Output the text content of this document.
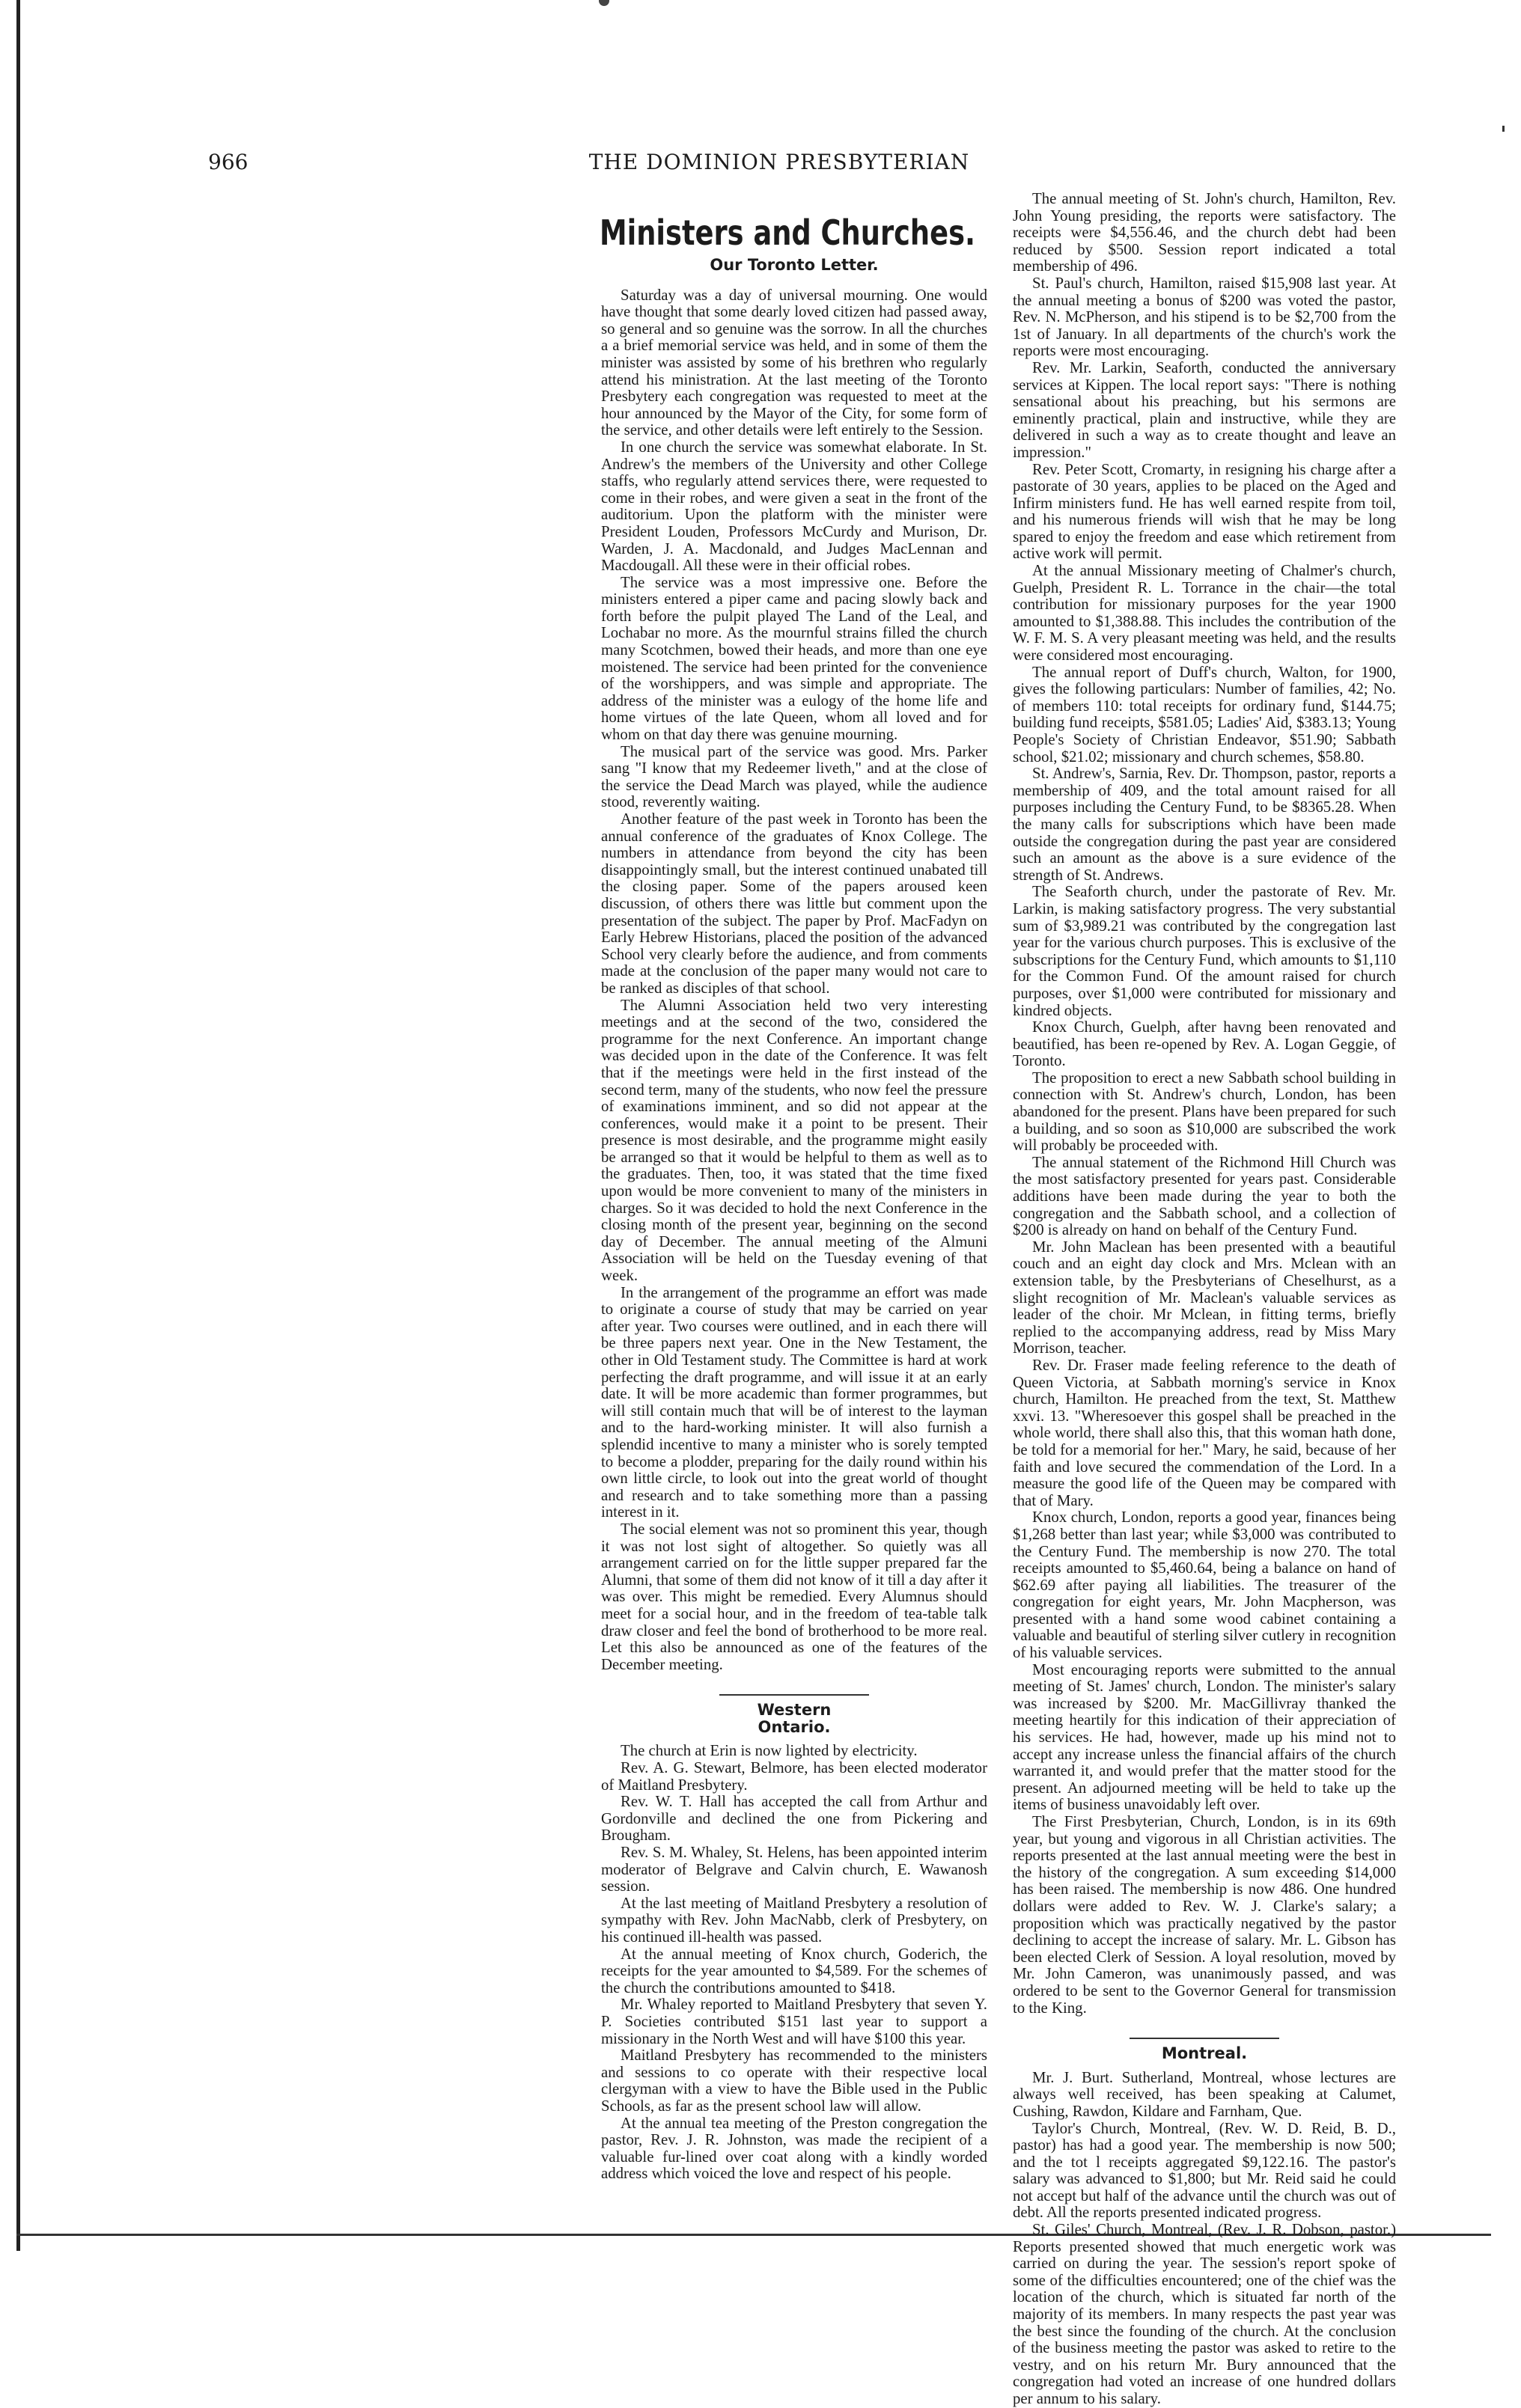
966	THE DOMINION PRESBYTERIAN
Ministers and Churches.
Our Toronto Letter.

Saturday was a day of universal mourning. One would have thought that some dearly loved citizen had passed away, so general and so genuine was the sorrow. In all the churches a a brief memorial service was held, and in some of them the minister was assisted by some of his brethren who regularly attend his ministration. At the last meeting of the Toronto Presbytery each congregation was requested to meet at the hour announced by the Mayor of the City, for some form of the service, and other details were left entirely to the Session.

In one church the service was somewhat elaborate. In St. Andrew's the members of the University and other College staffs, who regularly attend services there, were requested to come in their robes, and were given a seat in the front of the auditorium. Upon the platform with the minister were President Louden, Professors McCurdy and Murison, Dr. Warden, J. A. Macdonald, and Judges MacLennan and Macdougall. All these were in their official robes.

The service was a most impressive one. Before the ministers entered a piper came and pacing slowly back and forth before the pulpit played The Land of the Leal, and Lochabar no more. As the mournful strains filled the church many Scotchmen, bowed their heads, and more than one eye moistened. The service had been printed for the convenience of the worshippers, and was simple and appropriate. The address of the minister was a eulogy of the home life and home virtues of the late Queen, whom all loved and for whom on that day there was genuine mourning.

The musical part of the service was good. Mrs. Parker sang "I know that my Redeemer liveth," and at the close of the service the Dead March was played, while the audience stood, reverently waiting.

Another feature of the past week in Toronto has been the annual conference of the graduates of Knox College. The numbers in attendance from beyond the city has been disappointingly small, but the interest continued unabated till the closing paper. Some of the papers aroused keen discussion, of others there was little but comment upon the presentation of the subject. The paper by Prof. MacFadyn on Early Hebrew Historians, placed the position of the advanced School very clearly before the audience, and from comments made at the conclusion of the paper many would not care to be ranked as disciples of that school.

The Alumni Association held two very interesting meetings and at the second of the two, considered the programme for the next Conference. An important change was decided upon in the date of the Conference. It was felt that if the meetings were held in the first instead of the second term, many of the students, who now feel the pressure of examinations imminent, and so did not appear at the conferences, would make it a point to be present. Their presence is most desirable, and the programme might easily be arranged so that it would be helpful to them as well as to the graduates. Then, too, it was stated that the time fixed upon would be more convenient to many of the ministers in charges. So it was decided to hold the next Conference in the closing month of the present year, beginning on the second day of December. The annual meeting of the Almuni Association will be held on the Tuesday evening of that week.

In the arrangement of the programme an effort was made to originate a course of study that may be carried on year after year. Two courses were outlined, and in each there will be three papers next year. One in the New Testament, the other in Old Testament study. The Committee is hard at work perfecting the draft programme, and will issue it at an early date. It will be more academic than former programmes, but will still contain much that will be of interest to the layman and to the hard-working minister. It will also furnish a splendid incentive to many a minister who is sorely tempted to become a plodder, preparing for the daily round within his own little circle, to look out into the great world of thought and research and to take something more than a passing interest in it.

The social element was not so prominent this year, though it was not lost sight of altogether. So quietly was all arrangement carried on for the little supper prepared far the Alumni, that some of them did not know of it till a day after it was over. This might be remedied. Every Alumnus should meet for a social hour, and in the freedom of tea-table talk draw closer and feel the bond of brotherhood to be more real. Let this also be announced as one of the features of the December meeting.

Western Ontario.

The church at Erin is now lighted by electricity.

Rev. A. G. Stewart, Belmore, has been elected moderator of Maitland Presbytery.

Rev. W. T. Hall has accepted the call from Arthur and Gordonville and declined the one from Pickering and Brougham.

Rev. S. M. Whaley, St. Helens, has been appointed interim moderator of Belgrave and Calvin church, E. Wawanosh session.

At the last meeting of Maitland Presbytery a resolution of sympathy with Rev. John MacNabb, clerk of Presbytery, on his continued ill-health was passed.

At the annual meeting of Knox church, Goderich, the receipts for the year amounted to $4,589. For the schemes of the church the contributions amounted to $418.

Mr. Whaley reported to Maitland Presbytery that seven Y. P. Societies contributed $151 last year to support a missionary in the North West and will have $100 this year.

Maitland Presbytery has recommended to the ministers and sessions to co operate with their respective local clergyman with a view to have the Bible used in the Public Schools, as far as the present school law will allow.

At the annual tea meeting of the Preston congregation the pastor, Rev. J. R. Johnston, was made the recipient of a valuable fur-lined over coat along with a kindly worded address which voiced the love and respect of his people.

The annual meeting of St. John's church, Hamilton, Rev. John Young presiding, the reports were satisfactory. The receipts were $4,556.46, and the church debt had been reduced by $500. Session report indicated a total membership of 496.

St. Paul's church, Hamilton, raised $15,908 last year. At the annual meeting a bonus of $200 was voted the pastor, Rev. N. McPherson, and his stipend is to be $2,700 from the 1st of January. In all departments of the church's work the reports were most encouraging.

Rev. Mr. Larkin, Seaforth, conducted the anniversary services at Kippen. The local report says: "There is nothing sensational about his preaching, but his sermons are eminently practical, plain and instructive, while they are delivered in such a way as to create thought and leave an impression."

Rev. Peter Scott, Cromarty, in resigning his charge after a pastorate of 30 years, applies to be placed on the Aged and Infirm ministers fund. He has well earned respite from toil, and his numerous friends will wish that he may be long spared to enjoy the freedom and ease which retirement from active work will permit.

At the annual Missionary meeting of Chalmer's church, Guelph, President R. L. Torrance in the chair—the total contribution for missionary purposes for the year 1900 amounted to $1,388.88. This includes the contribution of the W. F. M. S. A very pleasant meeting was held, and the results were considered most encouraging.

The annual report of Duff's church, Walton, for 1900, gives the following particulars: Number of families, 42; No. of members 110: total receipts for ordinary fund, $144.75; building fund receipts, $581.05; Ladies' Aid, $383.13; Young People's Society of Christian Endeavor, $51.90; Sabbath school, $21.02; missionary and church schemes, $58.80.

St. Andrew's, Sarnia, Rev. Dr. Thompson, pastor, reports a membership of 409, and the total amount raised for all purposes including the Century Fund, to be $8365.28. When the many calls for subscriptions which have been made outside the congregation during the past year are considered such an amount as the above is a sure evidence of the strength of St. Andrews.

The Seaforth church, under the pastorate of Rev. Mr. Larkin, is making satisfactory progress. The very substantial sum of $3,989.21 was contributed by the congregation last year for the various church purposes. This is exclusive of the subscriptions for the Century Fund, which amounts to $1,110 for the Common Fund. Of the amount raised for church purposes, over $1,000 were contributed for missionary and kindred objects.

Knox Church, Guelph, after havng been renovated and beautified, has been re-opened by Rev. A. Logan Geggie, of Toronto.

The proposition to erect a new Sabbath school building in connection with St. Andrew's church, London, has been abandoned for the present. Plans have been prepared for such a building, and so soon as $10,000 are subscribed the work will probably be proceeded with.

The annual statement of the Richmond Hill Church was the most satisfactory presented for years past. Considerable additions have been made during the year to both the congregation and the Sabbath school, and a collection of $200 is already on hand on behalf of the Century Fund.

Mr. John Maclean has been presented with a beautiful couch and an eight day clock and Mrs. Mclean with an extension table, by the Presbyterians of Cheselhurst, as a slight recognition of Mr. Maclean's valuable services as leader of the choir. Mr Mclean, in fitting terms, briefly replied to the accompanying address, read by Miss Mary Morrison, teacher.

Rev. Dr. Fraser made feeling reference to the death of Queen Victoria, at Sabbath morning's service in Knox church, Hamilton. He preached from the text, St. Matthew xxvi. 13. "Wheresoever this gospel shall be preached in the whole world, there shall also this, that this woman hath done, be told for a memorial for her." Mary, he said, because of her faith and love secured the commendation of the Lord. In a measure the good life of the Queen may be compared with that of Mary.

Knox church, London, reports a good year, finances being $1,268 better than last year; while $3,000 was contributed to the Century Fund. The membership is now 270. The total receipts amounted to $5,460.64, being a balance on hand of $62.69 after paying all liabilities. The treasurer of the congregation for eight years, Mr. John Macpherson, was presented with a hand some wood cabinet containing a valuable and beautiful of sterling silver cutlery in recognition of his valuable services.

Most encouraging reports were submitted to the annual meeting of St. James' church, London. The minister's salary was increased by $200. Mr. MacGillivray thanked the meeting heartily for this indication of their appreciation of his services. He had, however, made up his mind not to accept any increase unless the financial affairs of the church warranted it, and would prefer that the matter stood for the present. An adjourned meeting will be held to take up the items of business unavoidably left over.

The First Presbyterian, Church, London, is in its 69th year, but young and vigorous in all Christian activities. The reports presented at the last annual meeting were the best in the history of the congregation. A sum exceeding $14,000 has been raised. The membership is now 486. One hundred dollars were added to Rev. W. J. Clarke's salary; a proposition which was practically negatived by the pastor declining to accept the increase of salary. Mr. L. Gibson has been elected Clerk of Session. A loyal resolution, moved by Mr. John Cameron, was unanimously passed, and was ordered to be sent to the Governor General for transmission to the King.

Montreal.

Mr. J. Burt. Sutherland, Montreal, whose lectures are always well received, has been speaking at Calumet, Cushing, Rawdon, Kildare and Farnham, Que.

Taylor's Church, Montreal, (Rev. W. D. Reid, B. D., pastor) has had a good year. The membership is now 500; and the tot l receipts aggregated $9,122.16. The pastor's salary was advanced to $1,800; but Mr. Reid said he could not accept but half of the advance until the church was out of debt. All the reports presented indicated progress.

St. Giles' Church, Montreal, (Rev. J. R. Dobson, pastor.) Reports presented showed that much energetic work was carried on during the year. The session's report spoke of some of the difficulties encountered; one of the chief was the location of the church, which is situated far north of the majority of its members. In many respects the past year was the best since the founding of the church. At the conclusion of the business meeting the pastor was asked to retire to the vestry, and on his return Mr. Bury announced that the congregation had voted an increase of one hundred dollars per annum to his salary.
